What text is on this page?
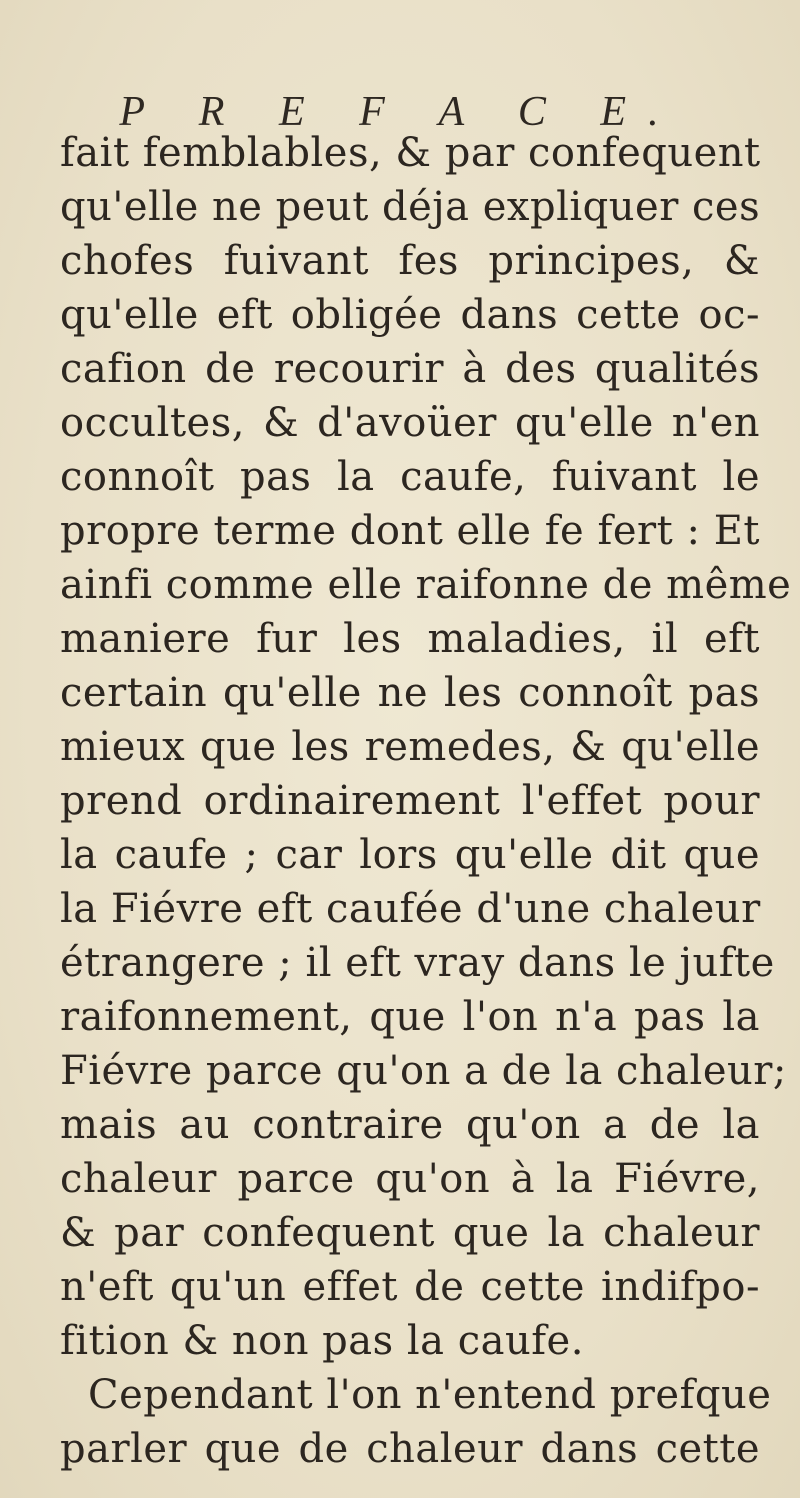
P R E F A C E.
fait femblables, & par confequent
qu'elle ne peut déja expliquer ces
chofes fuivant fes principes, &
qu'elle eft obligée dans cette oc-
cafion de recourir à des qualités
occultes, & d'avoüer qu'elle n'en
connoît pas la caufe, fuivant le
propre terme dont elle fe fert : Et
ainfi comme elle raifonne de même
maniere fur les maladies, il eft
certain qu'elle ne les connoît pas
mieux que les remedes, & qu'elle
prend ordinairement l'effet pour
la caufe ; car lors qu'elle dit que
la Fiévre eft caufée d'une chaleur
étrangere ; il eft vray dans le jufte
raifonnement, que l'on n'a pas la
Fiévre parce qu'on a de la chaleur;
mais au contraire qu'on a de la
chaleur parce qu'on à la Fiévre,
& par confequent que la chaleur
n'eft qu'un effet de cette indifpo-
fition & non pas la caufe.
Cependant l'on n'entend prefque
parler que de chaleur dans cette
